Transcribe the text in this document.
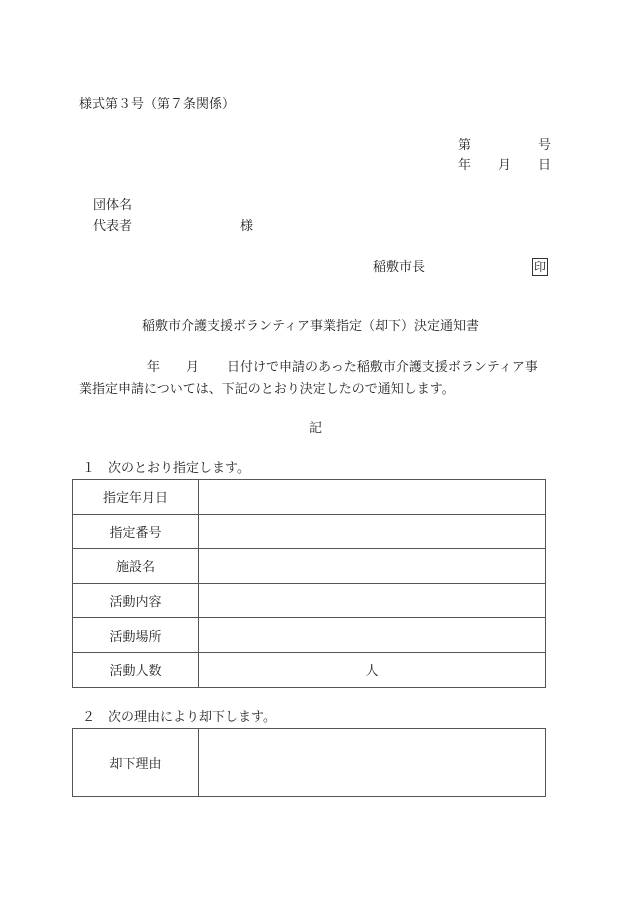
様式第３号（第７条関係）
第	号
年 月 日
団体名
代表者	様
稲敷市長	印
稲敷市介護支援ボランティア事業指定（却下）決定通知書
年 月 日付けで申請のあった稲敷市介護支援ボランティア事
業指定申請については、下記のとおり決定したので通知します。
記
１　次のとおり指定します。
指定年月日	
指定番号	
施設名	
活動内容	
活動場所	
活動人数	人
２　次の理由により却下します。
却下理由	
